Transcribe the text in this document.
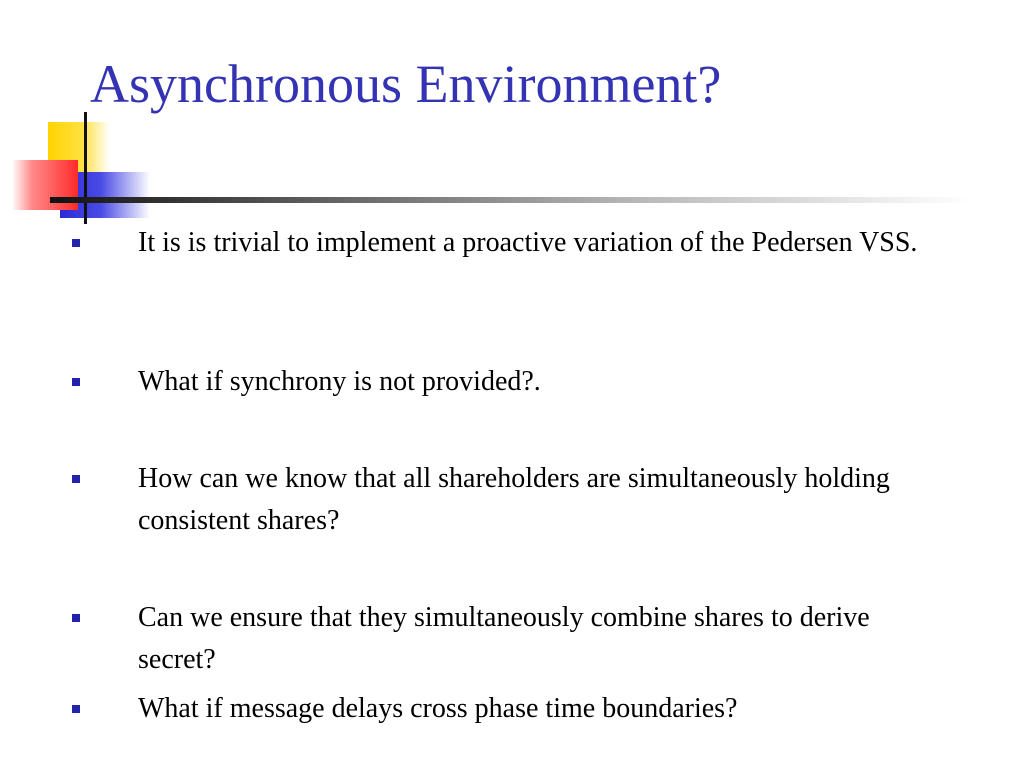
Asynchronous Environment?

It is is trivial to implement a proactive variation of the Pedersen VSS.

What if synchrony is not provided?.

How can we know that all shareholders are simultaneously holding consistent shares?

Can we ensure that they simultaneously combine shares to derive secret?

What if message delays cross phase time boundaries?
